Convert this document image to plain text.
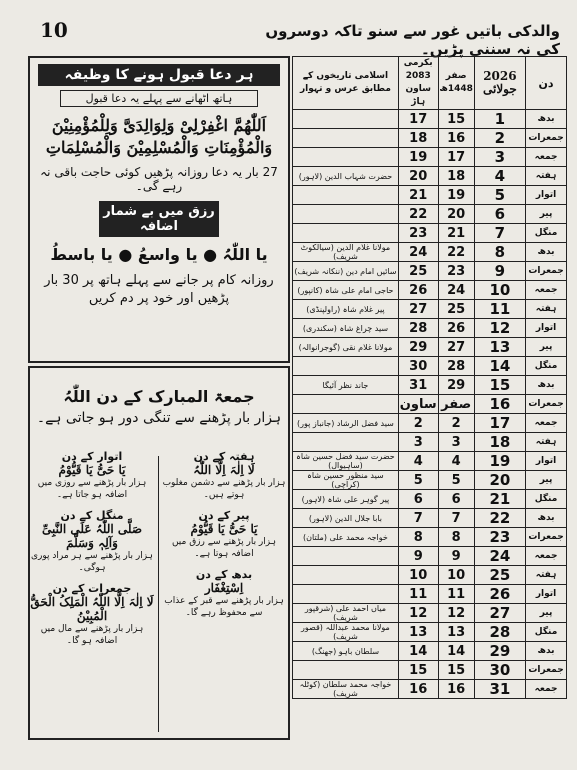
10	والدکی باتیں غور سے سنو تاکہ دوسروں کی نہ سننی پڑیں۔
ہر دعا قبول ہونے کا وظیفہ
ہاتھ اٹھانے سے پہلے یہ دعا قبول
اَللّٰھُمَّ اغْفِرْلِیْ وَلِوَالِدَیَّ وَلِلْمُؤْمِنِیْنَ وَالْمُؤْمِنَاتِ وَالْمُسْلِمِیْنَ وَالْمُسْلِمَاتِ
27 بار یہ دعا روزانہ پڑھیں کوئی حاجت باقی نہ رہے گی۔
رزق میں بے شمار اضافہ
یا اللّٰہُ ● یا واسعُ ● یا باسطُ
روزانہ کام پر جانے سے پہلے ہاتھ پر 30 بار پڑھیں اور خود پر دم کریں
جمعۃ المبارک کے دن اللّٰہُ
ہزار بار پڑھنے سے تنگی دور ہو جاتی ہے۔
اتوار کے دن
یَا حَیُّ یَا قَیُّوْمُ
ہزار بار پڑھنے سے روزی میں اضافہ ہو جاتا ہے۔
منگل کے دن
صَلَّی اللّٰہُ عَلَی النَّبِیِّ وَآلِہٖ وَسَلَّمَ
ہزار بار پڑھنے سے ہر مراد پوری ہوگی۔
جمعرات کے دن
لَا اِلٰہَ اِلَّا اللّٰہُ الْمَلِکُ الْحَقُّ الْمُبِیْنُ
ہزار بار پڑھنے سے مال میں اضافہ ہو گا۔
ہفتہ کے دن
لَا اِلٰہَ اِلَّا اللّٰہُ
ہزار بار پڑھنے سے دشمن مغلوب ہوتے ہیں۔
پیر کے دن
یَا حَیُّ یَا قَیُّوْمُ
ہزار بار پڑھنے سے رزق میں اضافہ ہوتا ہے۔
بدھ کے دن
اِسْتِغْفَار
ہزار بار پڑھنے سے قبر کے عذاب سے محفوظ رہے گا۔
اسلامی تاریخوں کے مطابق عرس و تہوار	بکرمی 2083 ساون ہاڑ	صفر 1448ھ	2026 جولائی	دن
	17	15	1	بدھ
	18	16	2	جمعرات
	19	17	3	جمعہ
حضرت شہاب الدین (لاہور)	20	18	4	ہفتہ
	21	19	5	اتوار
	22	20	6	پیر
	23	21	7	منگل
مولانا غلام الدین (سیالکوٹ شریف)	24	22	8	بدھ
سائیں امام دین (ننکانہ شریف)	25	23	9	جمعرات
حاجی امام علی شاہ (کانپور)	26	24	10	جمعہ
پیر غلام شاہ (راولپنڈی)	27	25	11	ہفتہ
سید چراغ شاہ (سکندری)	28	26	12	اتوار
مولانا غلام نقی (گوجرانوالہ)	29	27	13	پیر
	30	28	14	منگل
جاند نظر آئیگا	31	29	15	بدھ
	ساون	صفر	16	جمعرات
سید فضل الرشاد (جانباز پور)	2	2	17	جمعہ
	3	3	18	ہفتہ
حضرت سید فضل حسین شاہ (ساہیوال)	4	4	19	اتوار
سید منظور حسین شاہ (کراچی)	5	5	20	پیر
پیر گوہر علی شاہ (لاہور)	6	6	21	منگل
بابا جلال الدین (لاہور)	7	7	22	بدھ
خواجہ محمد علی (ملتان)	8	8	23	جمعرات
	9	9	24	جمعہ
	10	10	25	ہفتہ
	11	11	26	اتوار
میاں احمد علی (شرقپور شریف)	12	12	27	پیر
مولانا محمد عبداللہ (قصور شریف)	13	13	28	منگل
سلطان باہو (جھنگ)	14	14	29	بدھ
	15	15	30	جمعرات
خواجہ محمد سلطان (کوٹلہ شریف)	16	16	31	جمعہ
